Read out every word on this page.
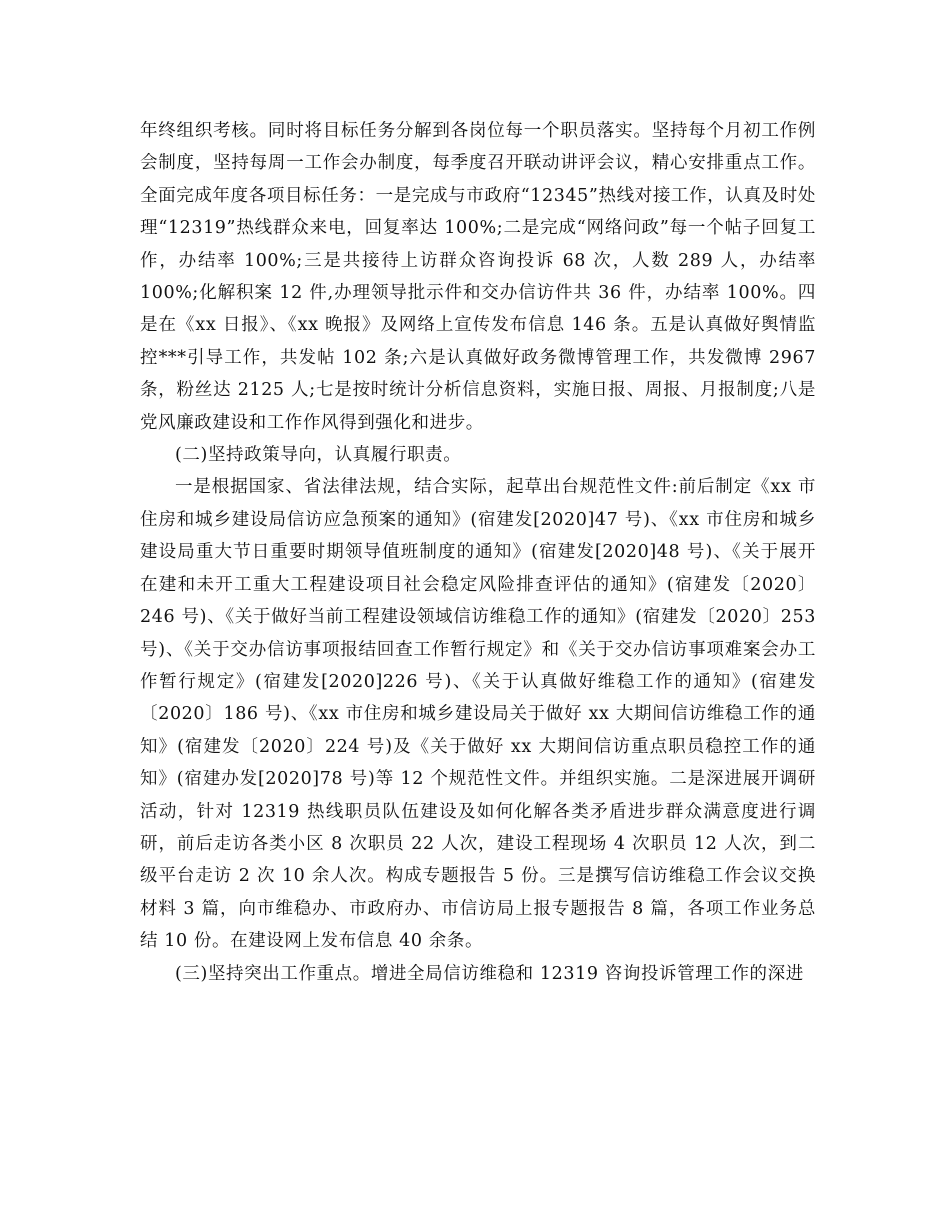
年终组织考核。同时将目标任务分解到各岗位每一个职员落实。坚持每个月初工作例会制度，坚持每周一工作会办制度，每季度召开联动讲评会议，精心安排重点工作。全面完成年度各项目标任务：一是完成与市政府“12345”热线对接工作，认真及时处理“12319”热线群众来电，回复率达 100%;二是完成“网络问政”每一个帖子回复工作，办结率 100%;三是共接待上访群众咨询投诉 68 次，人数 289 人，办结率 100%;化解积案 12 件,办理领导批示件和交办信访件共 36 件，办结率 100%。四是在《xx 日报》、《xx 晚报》及网络上宣传发布信息 146 条。五是认真做好舆情监控***引导工作，共发帖 102 条;六是认真做好政务微博管理工作，共发微博 2967 条，粉丝达 2125 人;七是按时统计分析信息资料，实施日报、周报、月报制度;八是党风廉政建设和工作作风得到强化和进步。

(二)坚持政策导向，认真履行职责。

一是根据国家、省法律法规，结合实际，起草出台规范性文件:前后制定《xx 市住房和城乡建设局信访应急预案的通知》(宿建发[2020]47 号)、《xx 市住房和城乡建设局重大节日重要时期领导值班制度的通知》(宿建发[2020]48 号)、《关于展开在建和未开工重大工程建设项目社会稳定风险排查评估的通知》(宿建发〔2020〕246 号)、《关于做好当前工程建设领域信访维稳工作的通知》(宿建发〔2020〕253 号)、《关于交办信访事项报结回查工作暂行规定》和《关于交办信访事项难案会办工作暂行规定》(宿建发[2020]226 号)、《关于认真做好维稳工作的通知》(宿建发〔2020〕186 号)、《xx 市住房和城乡建设局关于做好 xx 大期间信访维稳工作的通知》(宿建发〔2020〕224 号)及《关于做好 xx 大期间信访重点职员稳控工作的通知》(宿建办发[2020]78 号)等 12 个规范性文件。并组织实施。二是深进展开调研活动，针对 12319 热线职员队伍建设及如何化解各类矛盾进步群众满意度进行调研，前后走访各类小区 8 次职员 22 人次，建设工程现场 4 次职员 12 人次，到二级平台走访 2 次 10 余人次。构成专题报告 5 份。三是撰写信访维稳工作会议交换材料 3 篇，向市维稳办、市政府办、市信访局上报专题报告 8 篇，各项工作业务总结 10 份。在建设网上发布信息 40 余条。

(三)坚持突出工作重点。增进全局信访维稳和 12319 咨询投诉管理工作的深进
